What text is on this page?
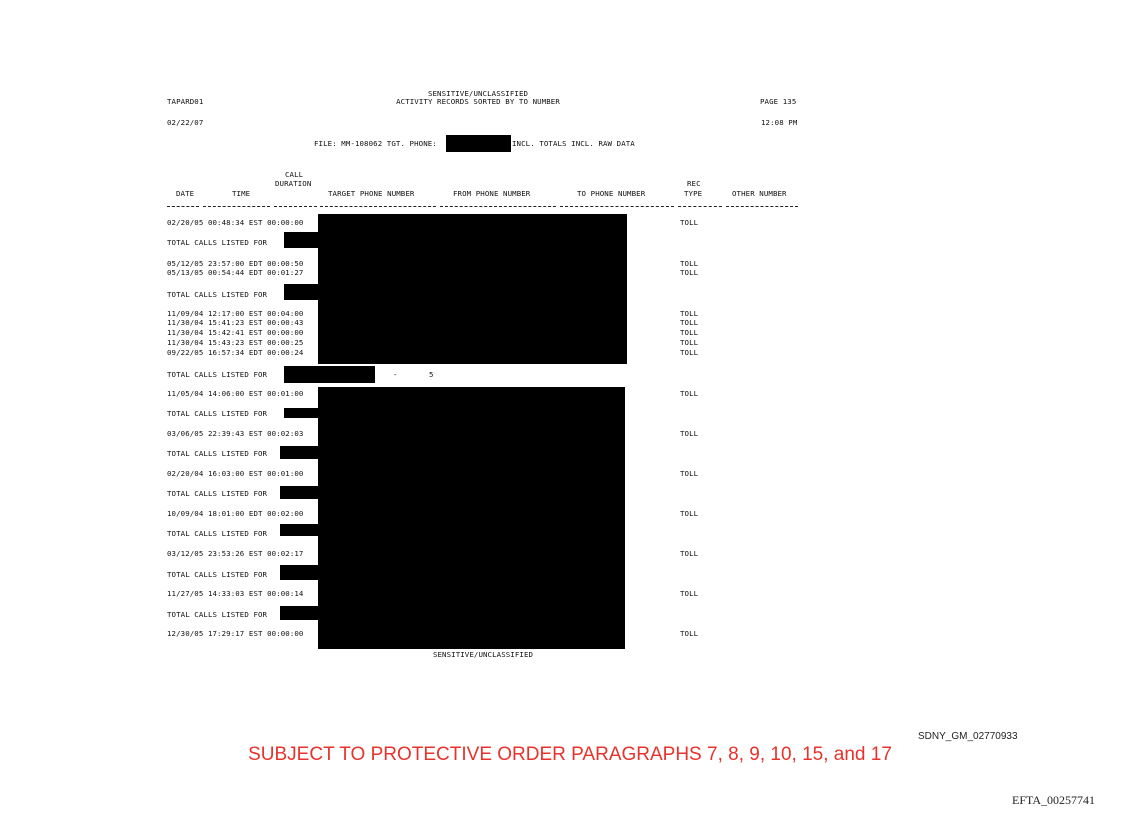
TAPARD01
02/22/07
SENSITIVE/UNCLASSIFIED
ACTIVITY RECORDS SORTED BY TO NUMBER	PAGE 135
12:08 PM
FILE: MM-108062 TGT. PHONE:	INCL. TOTALS INCL. RAW DATA
CALL
DURATION
DATE	TIME	TARGET PHONE NUMBER	FROM PHONE NUMBER	TO PHONE NUMBER
REC
TYPE	OTHER NUMBER
02/20/05 00:48:34 EST 00:00:00	TOLL
TOTAL CALLS LISTED FOR
05/12/05 23:57:00 EDT 00:00:50	TOLL
05/13/05 00:54:44 EDT 00:01:27	TOLL
TOTAL CALLS LISTED FOR
11/09/04 12:17:00 EST 00:04:00	TOLL
11/30/04 15:41:23 EST 00:00:43	TOLL
11/30/04 15:42:41 EST 00:00:00	TOLL
11/30/04 15:43:23 EST 00:00:25	TOLL
09/22/05 16:57:34 EDT 00:00:24	TOLL
TOTAL CALLS LISTED FOR	-	5
11/05/04 14:06:00 EST 00:01:00	TOLL
TOTAL CALLS LISTED FOR
03/06/05 22:39:43 EST 00:02:03	TOLL
TOTAL CALLS LISTED FOR
02/20/04 16:03:00 EST 00:01:00	TOLL
TOTAL CALLS LISTED FOR
10/09/04 18:01:00 EDT 00:02:00	TOLL
TOTAL CALLS LISTED FOR
03/12/05 23:53:26 EST 00:02:17	TOLL
TOTAL CALLS LISTED FOR
11/27/05 14:33:03 EST 00:00:14	TOLL
TOTAL CALLS LISTED FOR
12/30/05 17:29:17 EST 00:00:00	TOLL
SENSITIVE/UNCLASSIFIED
SDNY_GM_02770933
SUBJECT TO PROTECTIVE ORDER PARAGRAPHS 7, 8, 9, 10, 15, and 17
EFTA_00257741
